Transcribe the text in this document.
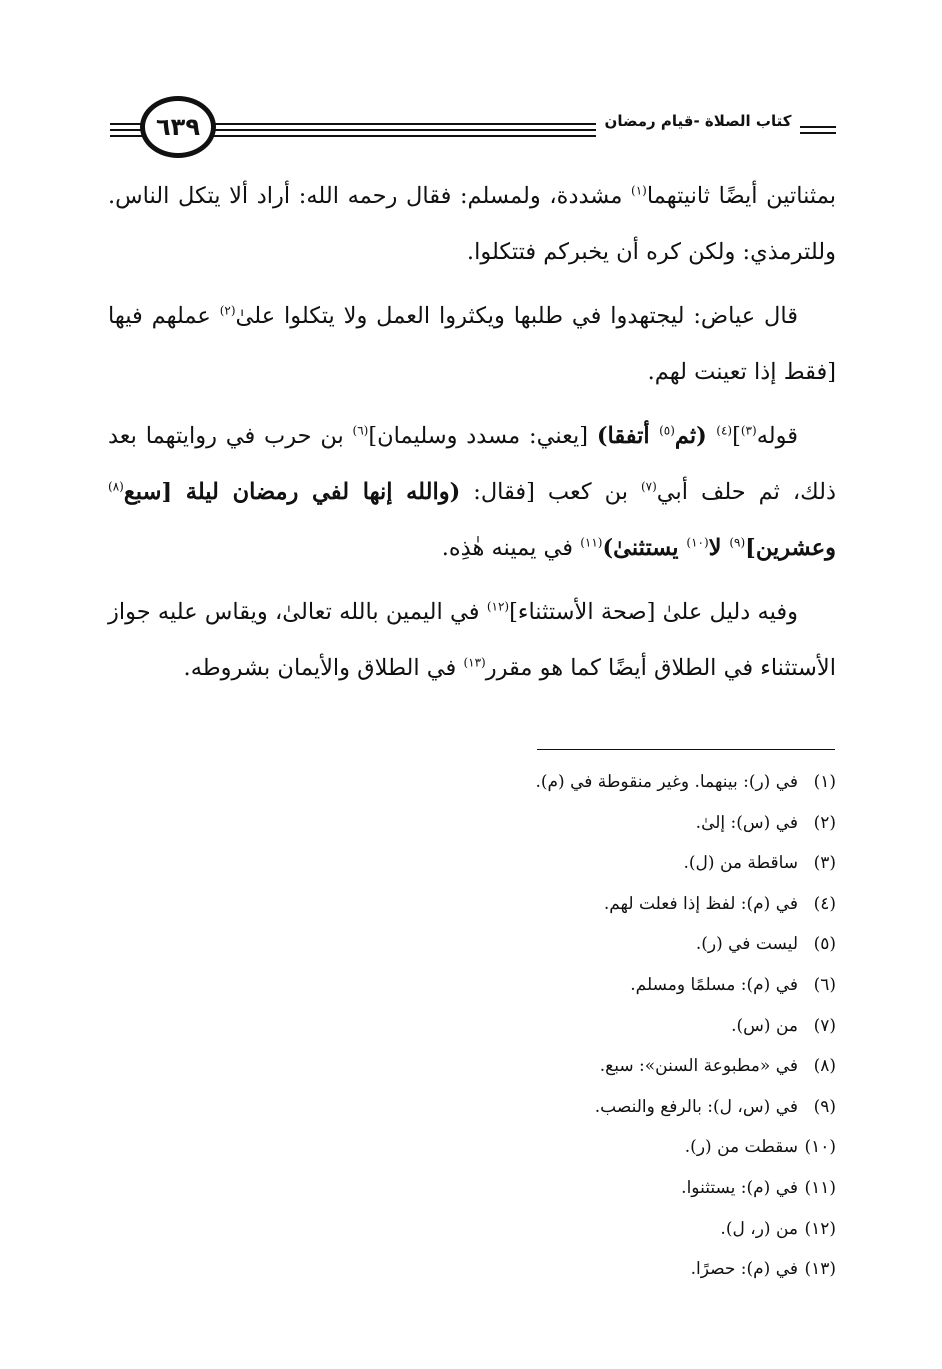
٦٣٩	كتاب الصلاة -قيام رمضان

بمثناتين أيضًا ثانيتهما$^{(١)}$ مشددة، ولمسلم: فقال رحمه الله: أراد ألا يتكل الناس. وللترمذي: ولكن كره أن يخبركم فتتكلوا.

قال عياض: ليجتهدوا في طلبها ويكثروا العمل ولا يتكلوا علىٰ$^{(٢)}$ عملهم فيها [فقط إذا تعينت لهم.

قوله$^{(٣)}$]$^{(٤)}$ (ثم$^{(٥)}$ أتفقا) [يعني: مسدد وسليمان]$^{(٦)}$ بن حرب في روايتهما بعد ذلك، ثم حلف أبي$^{(٧)}$ بن كعب [فقال: (والله إنها لفي رمضان ليلة [سبع$^{(٨)}$ وعشرين]$^{(٩)}$ لا$^{(١٠)}$ يستثنىٰ)$^{(١١)}$ في يمينه هٰذِه.

وفيه دليل علىٰ [صحة الأستثناء]$^{(١٢)}$ في اليمين بالله تعالىٰ، ويقاس عليه جواز الأستثناء في الطلاق أيضًا كما هو مقرر$^{(١٣)}$ في الطلاق والأيمان بشروطه.

(١)في (ر): بينهما. وغير منقوطة في (م).
(٢)في (س): إلىٰ.
(٣)ساقطة من (ل).
(٤)في (م): لفظ إذا فعلت لهم.
(٥)ليست في (ر).
(٦)في (م): مسلمًا ومسلم.
(٧)من (س).
(٨)في «مطبوعة السنن»: سبع.
(٩)في (س، ل): بالرفع والنصب.
(١٠)سقطت من (ر).
(١١)في (م): يستثنوا.
(١٢)من (ر، ل).
(١٣)في (م): حصرًا.
